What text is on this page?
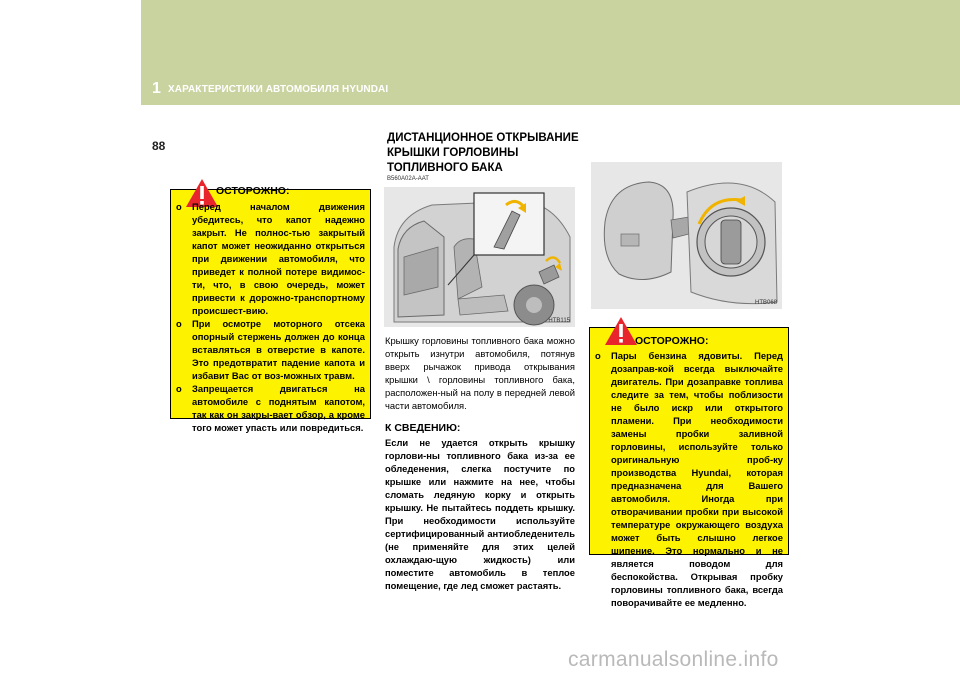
1 ХАРАКТЕРИСТИКИ АВТОМОБИЛЯ HYUNDAI
88
ДИСТАНЦИОННОЕ ОТКРЫВАНИЕ КРЫШКИ ГОРЛОВИНЫ ТОПЛИВНОГО БАКА
B560A02A-AAT
ОСТОРОЖНО:
o Перед началом движения убедитесь, что капот надежно закрыт. Не полнос-тью закрытый капот может неожиданно открыться при движении автомобиля, что приведет к полной потере видимос-ти, что, в свою очередь, может привести к дорожно-транспортному происшест-вию.
o При осмотре моторного отсека опорный стержень должен до конца вставляться в отверстие в капоте. Это предотвратит падение капота и избавит Вас от воз-можных травм.
o Запрещается двигаться на автомобиле с поднятым капотом, так как он закры-вает обзор, а кроме того может упасть или повредиться.
HTB115
Крышку горловины топливного бака можно открыть изнутри автомобиля, потянув вверх рычажок привода открывания крышки \ горловины топливного бака, расположен-ный на полу в передней левой части автомобиля.
К СВЕДЕНИЮ:
Если не удается открыть крышку горлови-ны топливного бака из-за ее обледенения, слегка постучите по крышке или нажмите на нее, чтобы сломать ледяную корку и открыть крышку. Не пытайтесь поддеть крышку. При необходимости используйте сертифицированный антиобледенитель (не применяйте для этих целей охлаждаю-щую жидкость) или поместите автомобиль в теплое помещение, где лед сможет растаять.
HTB068
ОСТОРОЖНО:
o Пары бензина ядовиты. Перед дозаправ-кой всегда выключайте двигатель. При дозаправке топлива следите за тем, чтобы поблизости не было искр или открытого пламени. При необходимости замены пробки заливной горловины, используйте только оригинальную проб-ку производства Hyundai, которая предназначена для Вашего автомобиля. Иногда при отворачивании пробки при высокой температуре окружающего воздуха может быть слышно легкое шипение. Это нормально и не является поводом для беспокойства. Открывая пробку горловины топливного бака, всегда поворачивайте ее медленно.
carmanualsonline.info
